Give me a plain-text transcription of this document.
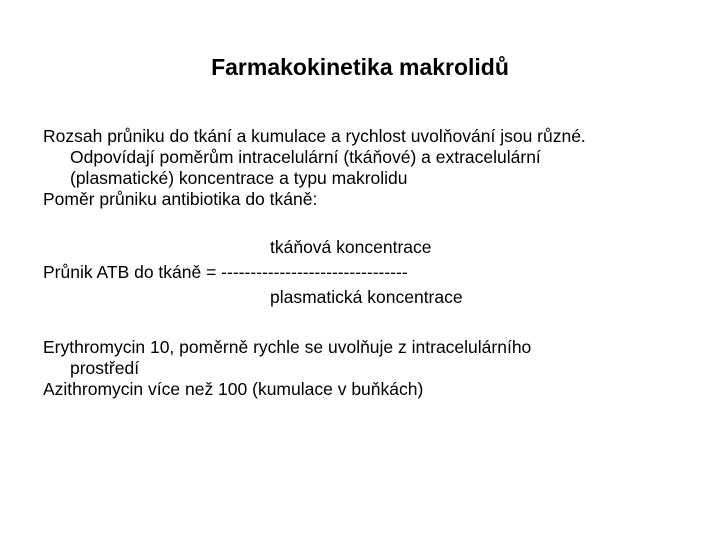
Farmakokinetika makrolidů
Rozsah průniku do tkání a kumulace a rychlost uvolňování jsou různé.
Odpovídají poměrům intracelulární (tkáňové) a extracelulární
(plasmatické) koncentrace a typu makrolidu
Poměr průniku antibiotika do tkáně:
tkáňová koncentrace
Průnik ATB do tkáně = --------------------------------
plasmatická koncentrace
Erythromycin 10, poměrně rychle se uvolňuje z intracelulárního
prostředí
Azithromycin více než 100 (kumulace v buňkách)
